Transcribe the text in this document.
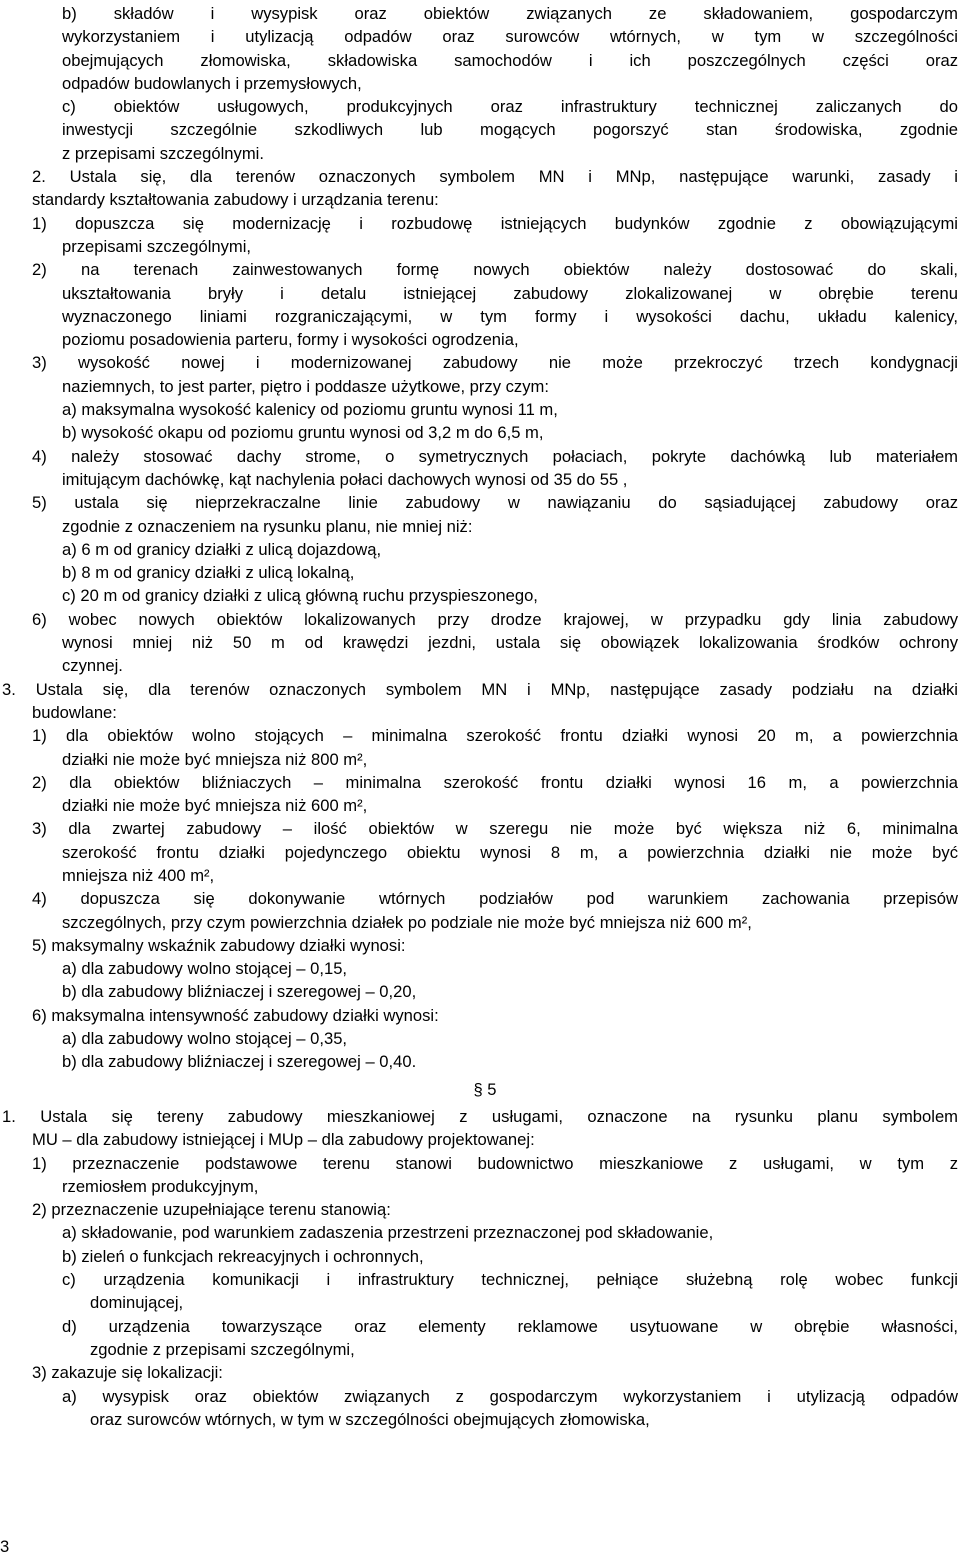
b) składów i wysypisk oraz obiektów związanych ze składowaniem, gospodarczym
wykorzystaniem i utylizacją odpadów oraz surowców wtórnych, w tym w szczególności
obejmujących złomowiska, składowiska samochodów i ich poszczególnych części oraz
odpadów budowlanych i przemysłowych,
c) obiektów usługowych, produkcyjnych oraz infrastruktury technicznej zaliczanych do
inwestycji szczególnie szkodliwych lub mogących pogorszyć stan środowiska, zgodnie
z przepisami szczególnymi.
2. Ustala się, dla terenów oznaczonych symbolem MN i MNp, następujące warunki, zasady i
standardy kształtowania zabudowy i urządzania terenu:
1) dopuszcza się modernizację i rozbudowę istniejących budynków zgodnie z obowiązującymi
przepisami szczególnymi,
2) na terenach zainwestowanych formę nowych obiektów należy dostosować do skali,
ukształtowania bryły i detalu istniejącej zabudowy zlokalizowanej w obrębie terenu
wyznaczonego liniami rozgraniczającymi, w tym formy i wysokości dachu, układu kalenicy,
poziomu posadowienia parteru, formy i wysokości ogrodzenia,
3) wysokość nowej i modernizowanej zabudowy nie może przekroczyć trzech kondygnacji
naziemnych, to jest parter, piętro i poddasze użytkowe, przy czym:
a) maksymalna wysokość kalenicy od poziomu gruntu wynosi 11 m,
b) wysokość okapu od poziomu gruntu wynosi od 3,2 m do 6,5 m,
4) należy stosować dachy strome, o symetrycznych połaciach, pokryte dachówką lub materiałem
imitującym dachówkę, kąt nachylenia połaci dachowych wynosi od 35 do 55 ,
5) ustala się nieprzekraczalne linie zabudowy w nawiązaniu do sąsiadującej zabudowy oraz
zgodnie z oznaczeniem na rysunku planu, nie mniej niż:
a) 6 m od granicy działki z ulicą dojazdową,
b) 8 m od granicy działki z ulicą lokalną,
c) 20 m od granicy działki z ulicą główną ruchu przyspieszonego,
6) wobec nowych obiektów lokalizowanych przy drodze krajowej, w przypadku gdy linia zabudowy
wynosi mniej niż 50 m od krawędzi jezdni, ustala się obowiązek lokalizowania środków ochrony
czynnej.
3. Ustala się, dla terenów oznaczonych symbolem MN i MNp, następujące zasady podziału na działki
budowlane:
1) dla obiektów wolno stojących – minimalna szerokość frontu działki wynosi 20 m, a powierzchnia
działki nie może być mniejsza niż 800 m²,
2) dla obiektów bliźniaczych – minimalna szerokość frontu działki wynosi 16 m, a powierzchnia
działki nie może być mniejsza niż 600 m²,
3) dla zwartej zabudowy – ilość obiektów w szeregu nie może być większa niż 6, minimalna
szerokość frontu działki pojedynczego obiektu wynosi 8 m, a powierzchnia działki nie może być
mniejsza niż 400 m²,
4) dopuszcza się dokonywanie wtórnych podziałów pod warunkiem zachowania przepisów
szczególnych, przy czym powierzchnia działek po podziale nie może być mniejsza niż 600 m²,
5) maksymalny wskaźnik zabudowy działki wynosi:
a) dla zabudowy wolno stojącej – 0,15,
b) dla zabudowy bliźniaczej i szeregowej – 0,20,
6) maksymalna intensywność zabudowy działki wynosi:
a) dla zabudowy wolno stojącej – 0,35,
b) dla zabudowy bliźniaczej i szeregowej – 0,40.
§ 5
1. Ustala się tereny zabudowy mieszkaniowej z usługami, oznaczone na rysunku planu symbolem
MU – dla zabudowy istniejącej i MUp – dla zabudowy projektowanej:
1) przeznaczenie podstawowe terenu stanowi budownictwo mieszkaniowe z usługami, w tym z
rzemiosłem produkcyjnym,
2) przeznaczenie uzupełniające terenu stanowią:
a) składowanie, pod warunkiem zadaszenia przestrzeni przeznaczonej pod składowanie,
b) zieleń o funkcjach rekreacyjnych i ochronnych,
c) urządzenia komunikacji i infrastruktury technicznej, pełniące służebną rolę wobec funkcji
dominującej,
d) urządzenia towarzyszące oraz elementy reklamowe usytuowane w obrębie własności,
zgodnie z przepisami szczególnymi,
3) zakazuje się lokalizacji:
a) wysypisk oraz obiektów związanych z gospodarczym wykorzystaniem i utylizacją odpadów
oraz surowców wtórnych, w tym w szczególności obejmujących złomowiska,
3
